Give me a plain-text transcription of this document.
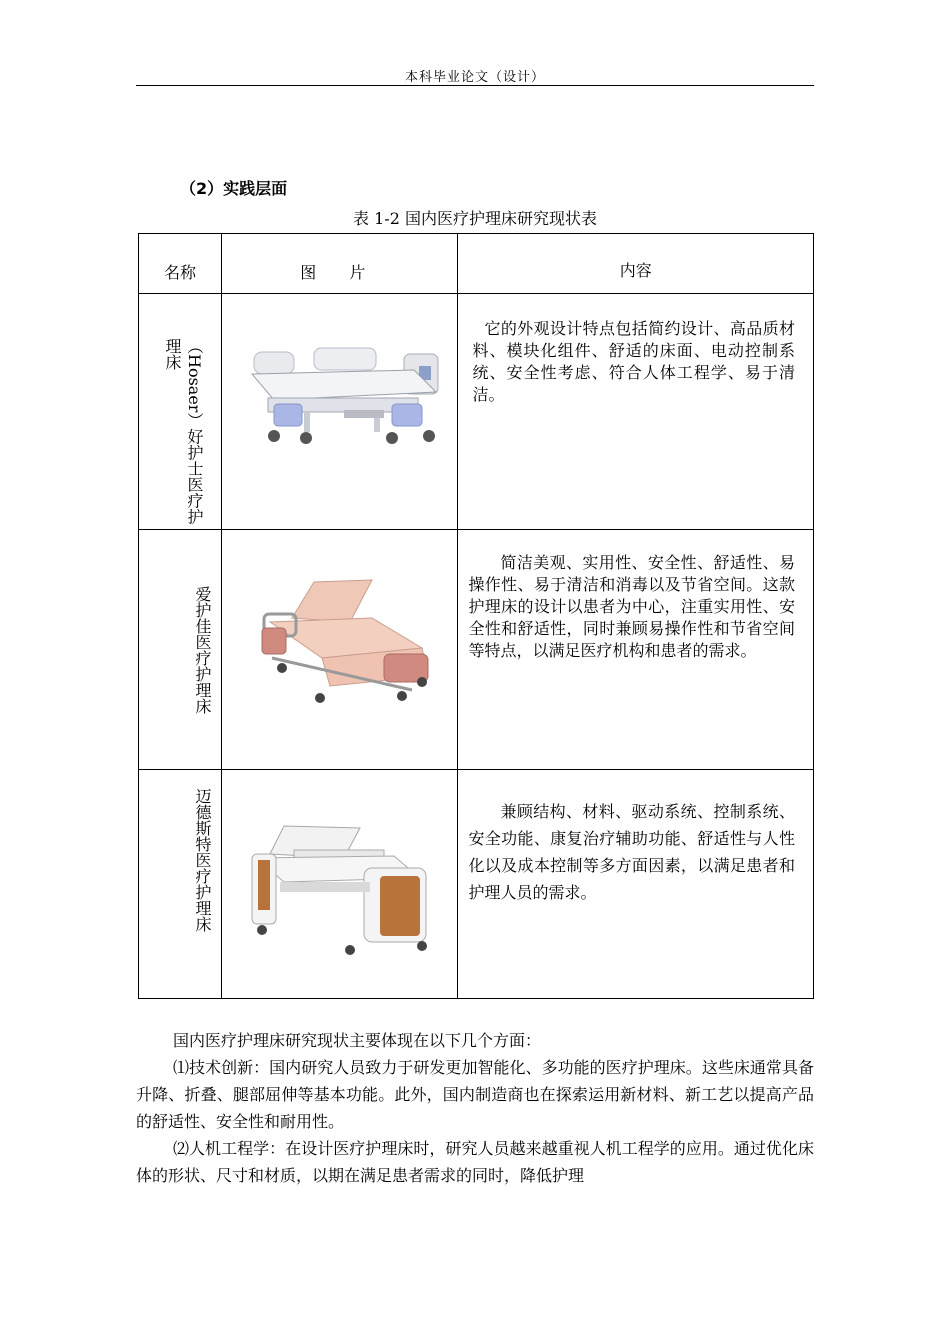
本科毕业论文（设计）
（2）实践层面
表 1-2 国内医疗护理床研究现状表
名称	图 片	内容

（Hosaer）好护士医疗护理床		它的外观设计特点包括简约设计、高品质材料、模块化组件、舒适的床面、电动控制系统、安全性考虑、符合人体工程学、易于清洁。

爱护佳医疗护理床		简洁美观、实用性、安全性、舒适性、易操作性、易于清洁和消毒以及节省空间。这款护理床的设计以患者为中心，注重实用性、安全性和舒适性，同时兼顾易操作性和节省空间等特点，以满足医疗机构和患者的需求。

迈德斯特医疗护理床		兼顾结构、材料、驱动系统、控制系统、安全功能、康复治疗辅助功能、舒适性与人性化以及成本控制等多方面因素，以满足患者和护理人员的需求。

国内医疗护理床研究现状主要体现在以下几个方面：

⑴技术创新：国内研究人员致力于研发更加智能化、多功能的医疗护理床。这些床通常具备升降、折叠、腿部屈伸等基本功能。此外，国内制造商也在探索运用新材料、新工艺以提高产品的舒适性、安全性和耐用性。

⑵人机工程学：在设计医疗护理床时，研究人员越来越重视人机工程学的应用。通过优化床体的形状、尺寸和材质，以期在满足患者需求的同时，降低护理
